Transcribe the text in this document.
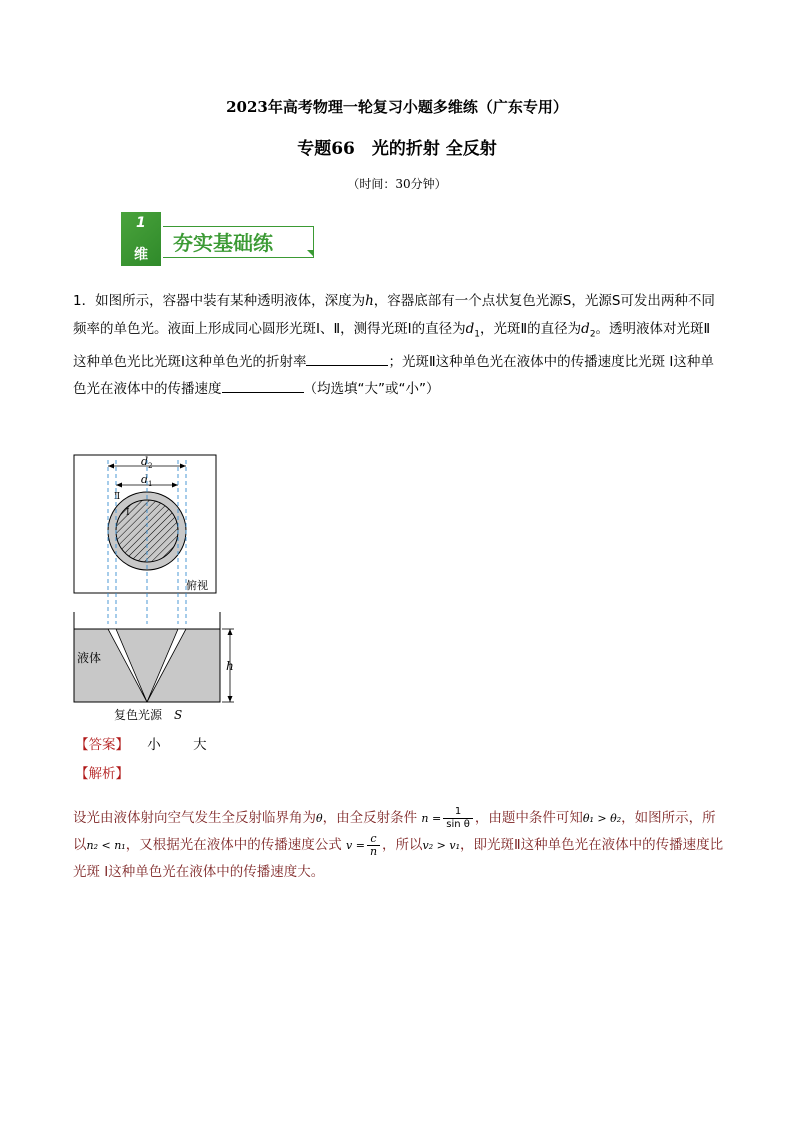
2023年高考物理一轮复习小题多维练（广东专用）
专题66　光的折射 全反射
（时间：30分钟）
1
维 夯实基础练
1．如图所示，容器中装有某种透明液体，深度为h，容器底部有一个点状复色光源S，光源S可发出两种不同频率的单色光。液面上形成同心圆形光斑Ⅰ、Ⅱ，测得光斑Ⅰ的直径为$d_1$，光斑Ⅱ的直径为$d_2$。透明液体对光斑Ⅱ这种单色光比光斑Ⅰ这种单色光的折射率	；光斑Ⅱ这种单色光在液体中的传播速度比光斑 Ⅰ这种单色光在液体中的传播速度	（均选填“大”或“小”）
d 2
d 1
Ⅱ
Ⅰ
俯视
液体
h
复色光源 S
【答案】 小 大
【解析】
设光由液体射向空气发生全反射临界角为θ，由全反射条件 $n = \frac{1}{\text{sin θ}}$ ，由题中条件可知θ₁ > θ₂，如图所示，所以n₂ < n₁，又根据光在液体中的传播速度公式 $v = \frac{c}{n}$ ，所以v₂ > v₁，即光斑Ⅱ这种单色光在液体中的传播速度比光斑 Ⅰ这种单色光在液体中的传播速度大。
